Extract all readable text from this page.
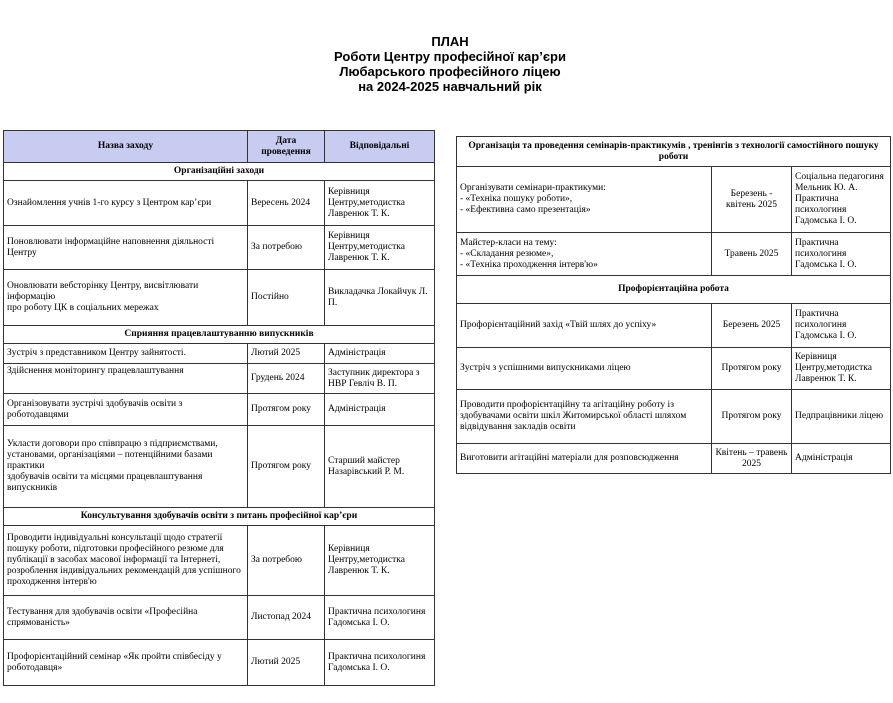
ПЛАН
Роботи Центру професійної кар’єри
Любарського професійного ліцею
на 2024-2025 навчальний рік
Назва заходу	Дата проведення	Відповідальні
Організаційні заходи		
Ознайомлення учнів 1-го курсу з Центром кар’єри	Вересень 2024	Керівниця Центру,методистка Лавренюк Т. К.
Поновлювати інформаційне наповнення діяльності Центру	За потребою	Керівниця Центру,методистка Лавренюк Т. К.
Оновлювати вебсторінку Центру, висвітлювати інформацію
про роботу ЦК в соціальних мережах	Постійно	Викладачка Локайчук Л. П.
Сприяння працевлаштуванню випускників		
Зустріч з представником Центру зайнятості.	Лютий 2025	Адміністрація
Здійснення моніторингу працевлаштування	Грудень 2024	Заступник директора з НВР Гевліч В. П.
Організовувати зустрічі здобувачів освіти з роботодавцями	Протягом року	Адміністрація
Укласти договори про співпрацю з підприємствами, установами, організаціями – потенційними базами практики
здобувачів освіти та місцями працевлаштування випускників	Протягом року	Старший майстер Назарівський Р. М.
Консультування здобувачів освіти з питань професійної кар’єри		
Проводити індивідуальні консультації щодо стратегії пошуку роботи, підготовки професійного резюме для публікації в засобах масової інформації та Інтернеті, розроблення індивідуальних рекомендацій для успішного проходження інтерв'ю	За потребою	Керівниця Центру,методистка Лавренюк Т. К.
Тестування для здобувачів освіти «Професійна спрямованість»	Листопад 2024	Практична психологиня Гадомська І. О.
Профорієнтаційний семінар «Як пройти співбесіду у роботодавця»	Лютий 2025	Практична психологиня Гадомська І. О.
Організація та проведення семінарів-практикумів , тренінгів з технології самостійного пошуку роботи		
Організувати семінари-практикуми:
- «Техніка пошуку роботи»,
- «Ефективна само презентація»	Березень - квітень 2025	Соціальна педагогиня Мельник Ю. А.
Практична психологиня Гадомська І. О.
Майстер-класи на тему:
- «Складання резюме»,
- «Техніка проходження інтерв'ю»	Травень 2025	Практична психологиня Гадомська І. О.
Профорієнтаційна робота		
Профорієнтаційний захід «Твій шлях до успіху»	Березень 2025	Практична психологиня Гадомська І. О.
Зустріч з успішними випускниками ліцею	Протягом року	Керівниця Центру,методистка Лавренюк Т. К.
Проводити профорієнтаційну та агітаційну роботу із здобувачами освіти шкіл Житомирської області шляхом відвідування закладів освіти	Протягом року	Педпрацівники ліцею
Виготовити агітаційні матеріали для розповсюдження	Квітень – травень 2025	Адміністрація
